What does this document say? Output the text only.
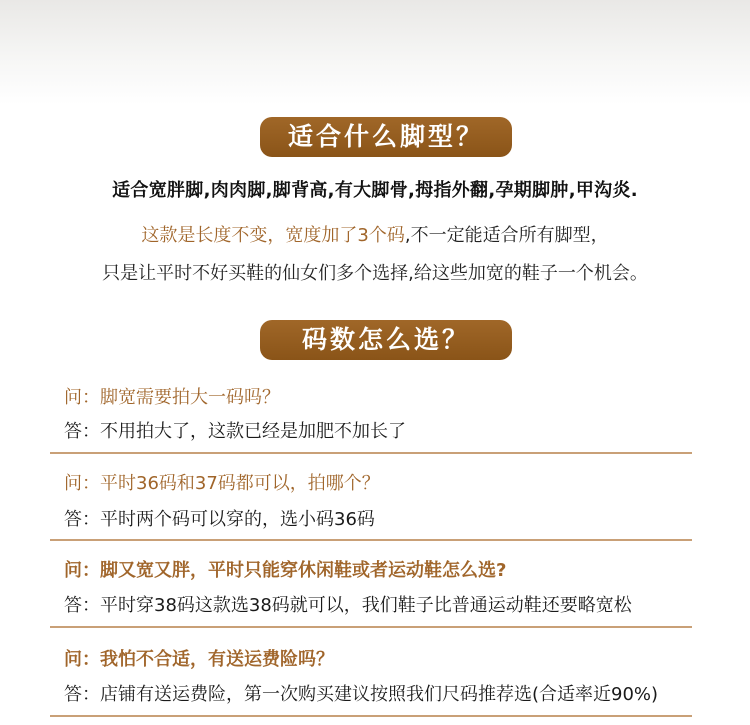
适合什么脚型？
适合宽胖脚,肉肉脚,脚背高,有大脚骨,拇指外翻,孕期脚肿,甲沟炎.
这款是长度不变，宽度加了3个码,不一定能适合所有脚型，
只是让平时不好买鞋的仙女们多个选择,给这些加宽的鞋子一个机会。
码数怎么选？
问：脚宽需要拍大一码吗？
答：不用拍大了，这款已经是加肥不加长了
问：平时36码和37码都可以，拍哪个？
答：平时两个码可以穿的，选小码36码
问：脚又宽又胖，平时只能穿休闲鞋或者运动鞋怎么选?
答：平时穿38码这款选38码就可以，我们鞋子比普通运动鞋还要略宽松
问：我怕不合适，有送运费险吗？
答：店铺有送运费险，第一次购买建议按照我们尺码推荐选(合适率近90%)
